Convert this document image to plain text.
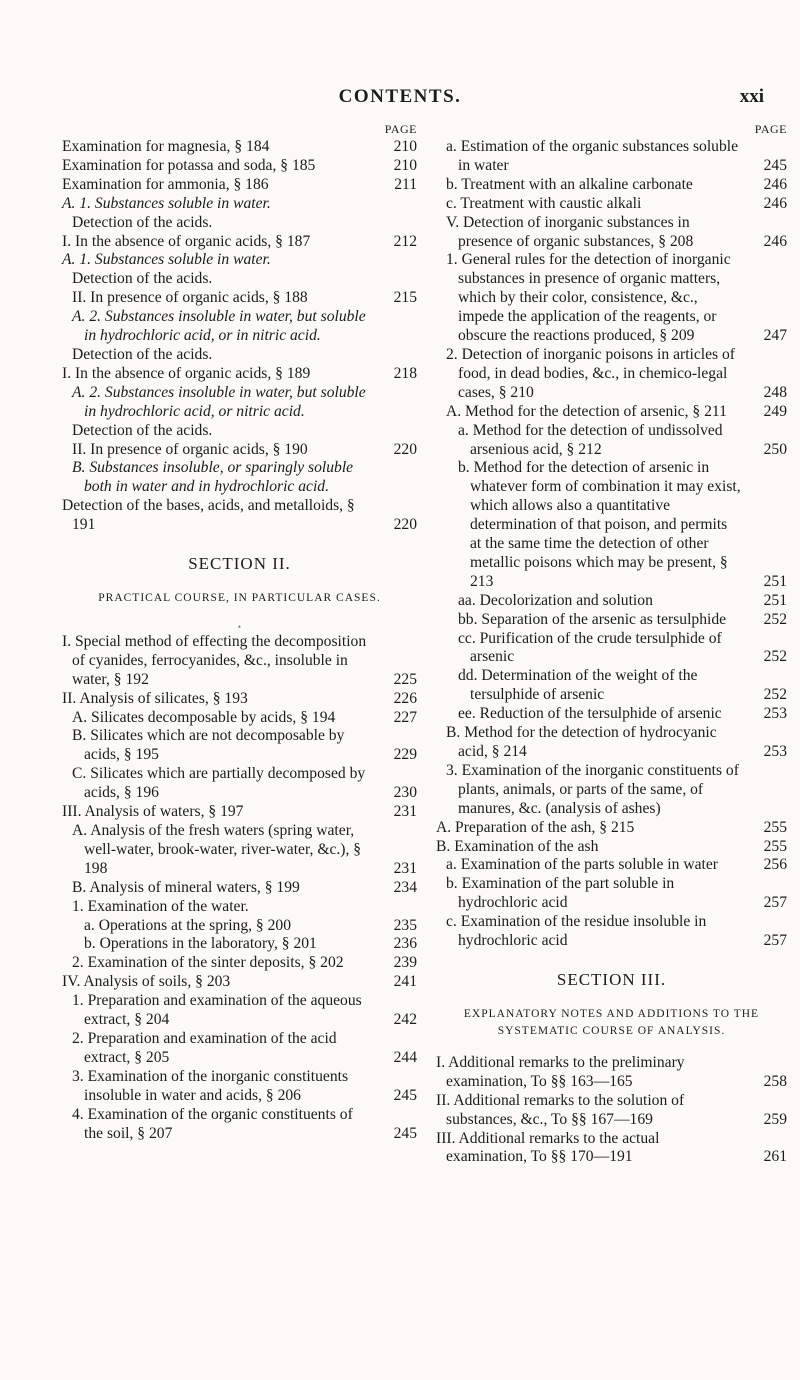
CONTENTS.	xxi
PAGE
Examination for magnesia, § 184	210
Examination for potassa and soda, § 185	210
Examination for ammonia, § 186	211
A. 1. Substances soluble in water.
Detection of the acids.
I. In the absence of organic acids, § 187	212
A. 1. Substances soluble in water.
Detection of the acids.
II. In presence of organic acids, § 188	215
A. 2. Substances insoluble in water, but soluble in hydrochloric acid, or in nitric acid.
Detection of the acids.
I. In the absence of organic acids, § 189	218
A. 2. Substances insoluble in water, but soluble in hydrochloric acid, or nitric acid.
Detection of the acids.
II. In presence of organic acids, § 190	220
B. Substances insoluble, or sparingly soluble both in water and in hydrochloric acid.
Detection of the bases, acids, and metalloids, § 191	220
SECTION II.
PRACTICAL COURSE, IN PARTICULAR CASES.
•
I. Special method of effecting the decomposition of cyanides, ferrocyanides, &c., insoluble in water, § 192	225
II. Analysis of silicates, § 193	226
A. Silicates decomposable by acids, § 194	227
B. Silicates which are not decomposable by acids, § 195	229
C. Silicates which are partially decomposed by acids, § 196	230
III. Analysis of waters, § 197	231
A. Analysis of the fresh waters (spring water, well-water, brook-water, river-water, &c.), § 198	231
B. Analysis of mineral waters, § 199	234
1. Examination of the water.
a. Operations at the spring, § 200	235
b. Operations in the laboratory, § 201	236
2. Examination of the sinter deposits, § 202	239
IV. Analysis of soils, § 203	241
1. Preparation and examination of the aqueous extract, § 204	242
2. Preparation and examination of the acid extract, § 205	244
3. Examination of the inorganic constituents insoluble in water and acids, § 206	245
4. Examination of the organic constituents of the soil, § 207	245
PAGE
a. Estimation of the organic substances soluble in water	245
b. Treatment with an alkaline carbonate	246
c. Treatment with caustic alkali	246
V. Detection of inorganic substances in presence of organic substances, § 208	246
1. General rules for the detection of inorganic substances in presence of organic matters, which by their color, consistence, &c., impede the application of the reagents, or obscure the reactions produced, § 209	247
2. Detection of inorganic poisons in articles of food, in dead bodies, &c., in chemico-legal cases, § 210	248
A. Method for the detection of arsenic, § 211	249
a. Method for the detection of undissolved arsenious acid, § 212	250
b. Method for the detection of arsenic in whatever form of combination it may exist, which allows also a quantitative determination of that poison, and permits at the same time the detection of other metallic poisons which may be present, § 213	251
aa. Decolorization and solution	251
bb. Separation of the arsenic as tersulphide	252
cc. Purification of the crude tersulphide of arsenic	252
dd. Determination of the weight of the tersulphide of arsenic	252
ee. Reduction of the tersulphide of arsenic	253
B. Method for the detection of hydrocyanic acid, § 214	253
3. Examination of the inorganic constituents of plants, animals, or parts of the same, of manures, &c. (analysis of ashes)
A. Preparation of the ash, § 215	255
B. Examination of the ash	255
a. Examination of the parts soluble in water	256
b. Examination of the part soluble in hydrochloric acid	257
c. Examination of the residue insoluble in hydrochloric acid	257
SECTION III.
EXPLANATORY NOTES AND ADDITIONS TO THE SYSTEMATIC COURSE OF ANALYSIS.
I. Additional remarks to the preliminary examination, To §§ 163—165	258
II. Additional remarks to the solution of substances, &c., To §§ 167—169	259
III. Additional remarks to the actual examination, To §§ 170—191	261
